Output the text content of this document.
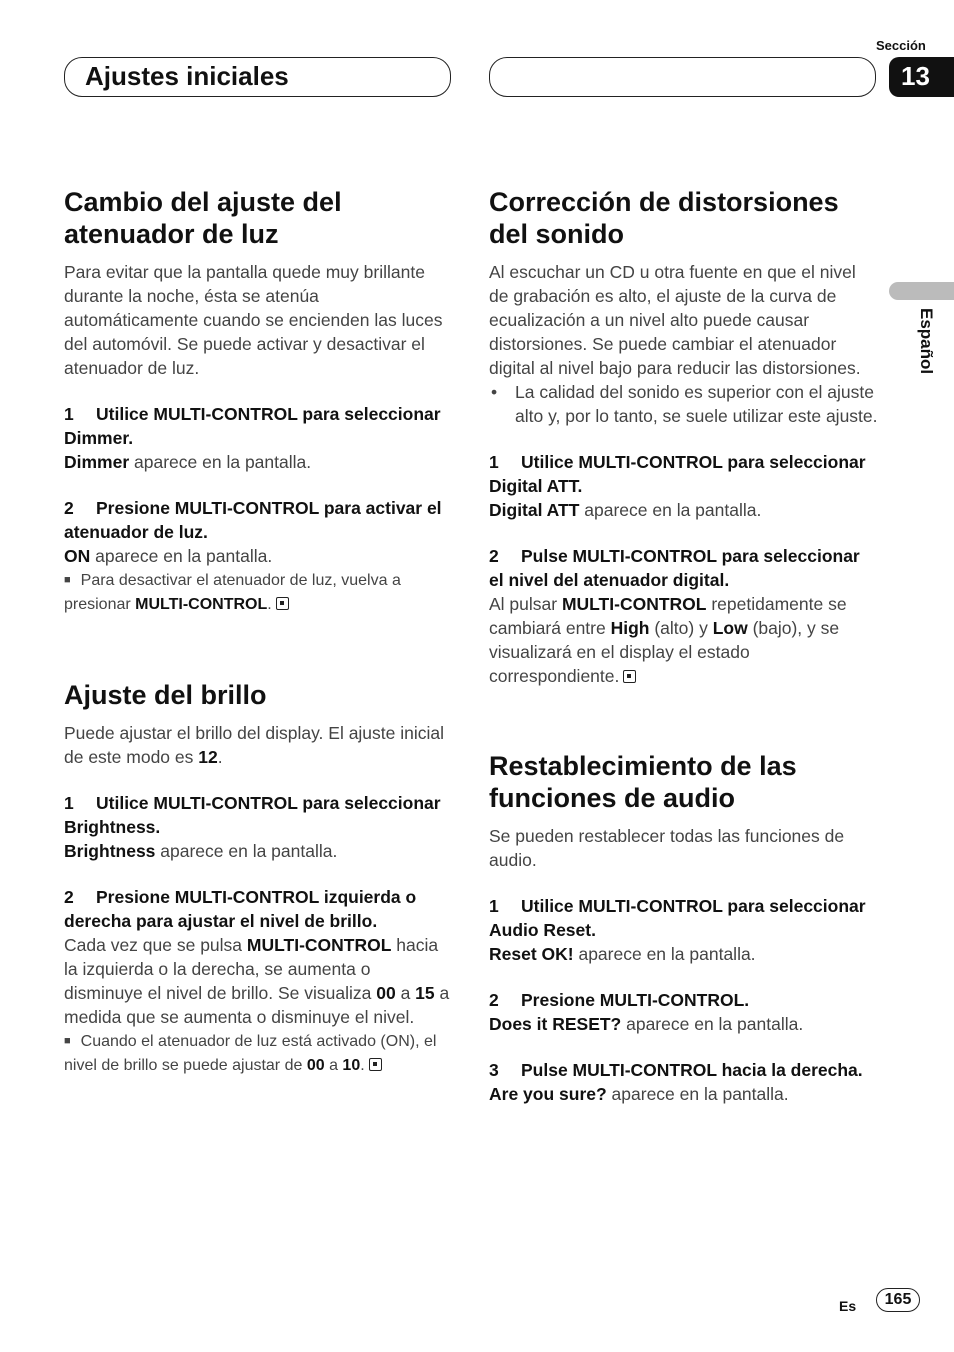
Ajustes iniciales
Sección
13
Español
Cambio del ajuste del atenuador de luz

Para evitar que la pantalla quede muy brillante durante la noche, ésta se atenúa automáticamente cuando se encienden las luces del automóvil. Se puede activar y desactivar el atenuador de luz.

1 Utilice MULTI-CONTROL para seleccionar Dimmer.

Dimmer aparece en la pantalla.

2 Presione MULTI-CONTROL para activar el atenuador de luz.

ON aparece en la pantalla.

■ Para desactivar el atenuador de luz, vuelva a presionar MULTI-CONTROL.

Ajuste del brillo

Puede ajustar el brillo del display. El ajuste inicial de este modo es 12.

1 Utilice MULTI-CONTROL para seleccionar Brightness.

Brightness aparece en la pantalla.

2 Presione MULTI-CONTROL izquierda o derecha para ajustar el nivel de brillo.

Cada vez que se pulsa MULTI-CONTROL hacia la izquierda o la derecha, se aumenta o disminuye el nivel de brillo. Se visualiza 00 a 15 a medida que se aumenta o disminuye el nivel.

■ Cuando el atenuador de luz está activado (ON), el nivel de brillo se puede ajustar de 00 a 10.

Corrección de distorsiones del sonido

Al escuchar un CD u otra fuente en que el nivel de grabación es alto, el ajuste de la curva de ecualización a un nivel alto puede causar distorsiones. Se puede cambiar el atenuador digital al nivel bajo para reducir las distorsiones.

• La calidad del sonido es superior con el ajuste alto y, por lo tanto, se suele utilizar este ajuste.

1 Utilice MULTI-CONTROL para seleccionar Digital ATT.

Digital ATT aparece en la pantalla.

2 Pulse MULTI-CONTROL para seleccionar el nivel del atenuador digital.

Al pulsar MULTI-CONTROL repetidamente se cambiará entre High (alto) y Low (bajo), y se visualizará en el display el estado correspondiente.

Restablecimiento de las funciones de audio

Se pueden restablecer todas las funciones de audio.

1 Utilice MULTI-CONTROL para seleccionar Audio Reset.

Reset OK! aparece en la pantalla.

2 Presione MULTI-CONTROL.

Does it RESET? aparece en la pantalla.

3 Pulse MULTI-CONTROL hacia la derecha.

Are you sure? aparece en la pantalla.

Es	165
